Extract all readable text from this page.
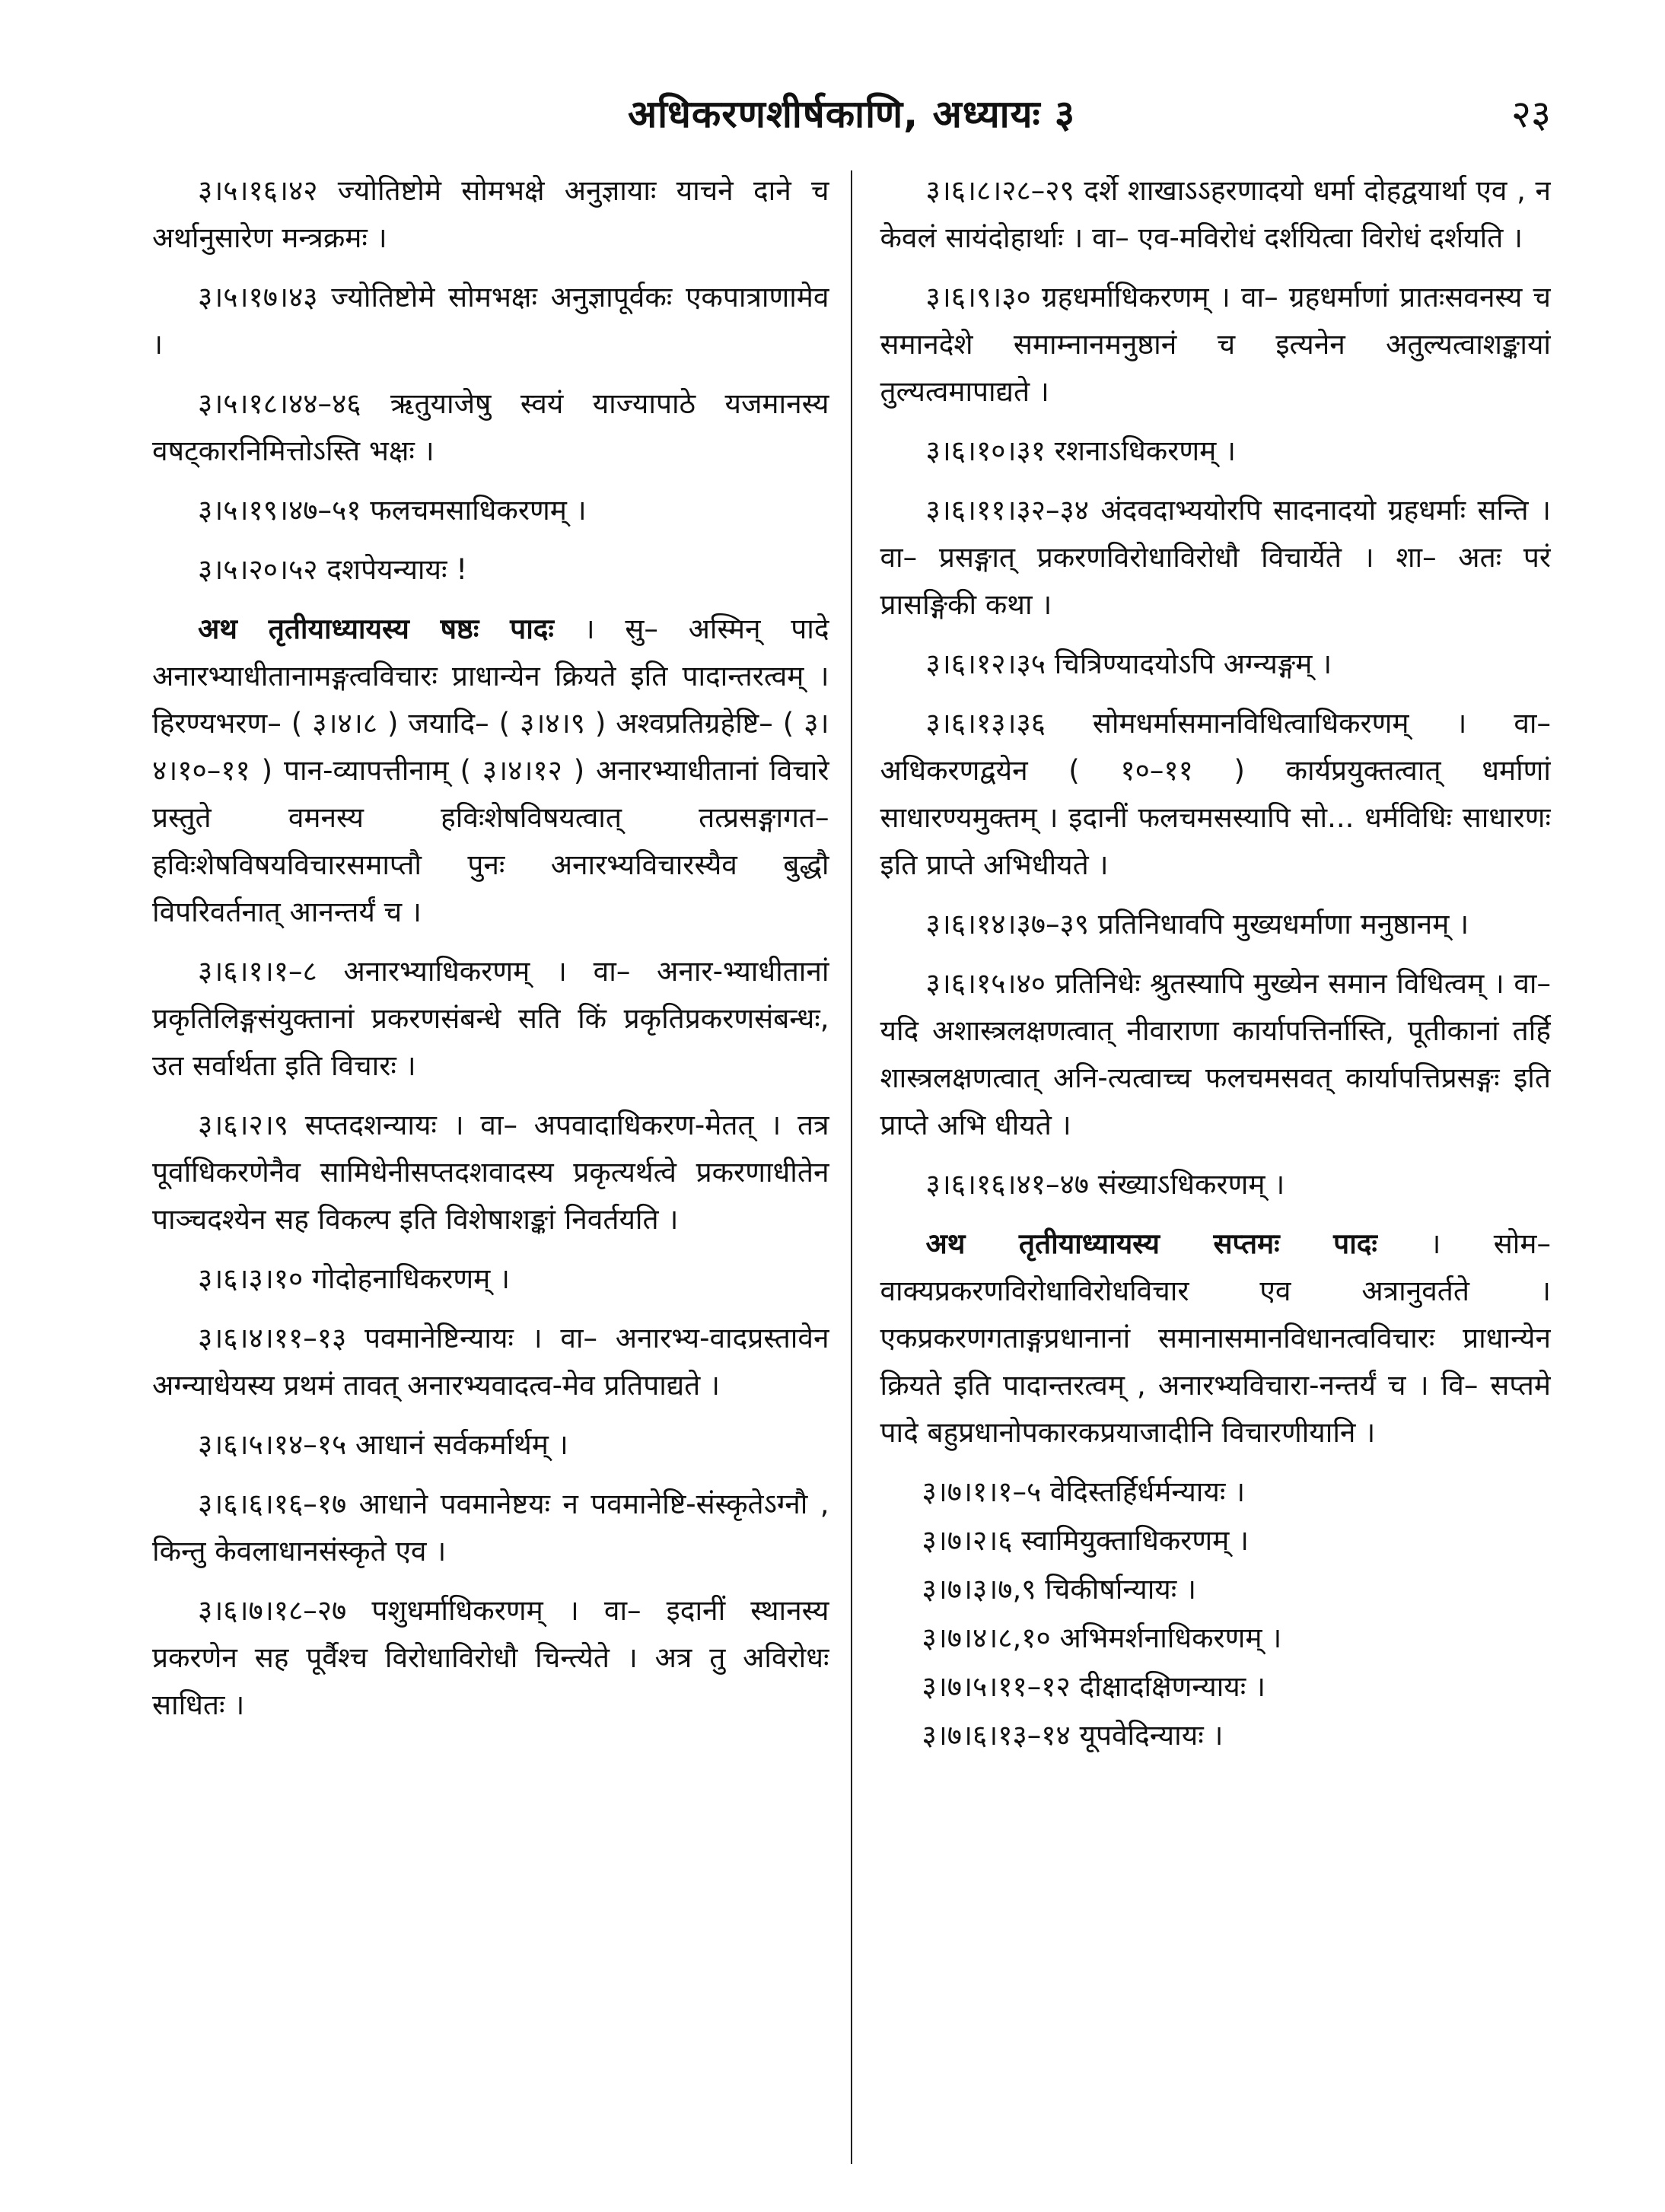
अधिकरणशीर्षकाणि, अध्यायः ३	२३

३।५।१६।४२ ज्योतिष्टोमे सोमभक्षे अनुज्ञायाः याचने दाने च अर्थानुसारेण मन्त्रक्रमः ।

३।५।१७।४३ ज्योतिष्टोमे सोमभक्षः अनुज्ञापूर्वकः एकपात्राणामेव ।

३।५।१८।४४–४६ ऋतुयाजेषु स्वयं याज्यापाठे यजमानस्य वषट्कारनिमित्तोऽस्ति भक्षः ।

३।५।१९।४७–५१ फलचमसाधिकरणम् ।

३।५।२०।५२ दशपेयन्यायः !

अथ तृतीयाध्यायस्य षष्ठः पादः । सु– अस्मिन् पादे अनारभ्याधीतानामङ्गत्वविचारः प्राधान्येन क्रियते इति पादान्तरत्वम् । हिरण्यभरण– ( ३।४।८ ) जयादि– ( ३।४।९ ) अश्वप्रतिग्रहेष्टि– ( ३।४।१०–११ ) पान-व्यापत्तीनाम् ( ३।४।१२ ) अनारभ्याधीतानां विचारे प्रस्तुते वमनस्य हविःशेषविषयत्वात् तत्प्रसङ्गागत–हविःशेषविषयविचारसमाप्तौ पुनः अनारभ्यविचारस्यैव बुद्धौ विपरिवर्तनात् आनन्तर्यं च ।

३।६।१।१–८ अनारभ्याधिकरणम् । वा– अनार-भ्याधीतानां प्रकृतिलिङ्गसंयुक्तानां प्रकरणसंबन्धे सति किं प्रकृतिप्रकरणसंबन्धः, उत सर्वार्थता इति विचारः ।

३।६।२।९ सप्तदशन्यायः । वा– अपवादाधिकरण-मेतत् । तत्र पूर्वाधिकरणेनैव सामिधेनीसप्तदशवादस्य प्रकृत्यर्थत्वे प्रकरणाधीतेन पाञ्चदश्येन सह विकल्प इति विशेषाशङ्कां निवर्तयति ।

३।६।३।१० गोदोहनाधिकरणम् ।

३।६।४।११–१३ पवमानेष्टिन्यायः । वा– अनारभ्य-वादप्रस्तावेन अग्न्याधेयस्य प्रथमं तावत् अनारभ्यवादत्व-मेव प्रतिपाद्यते ।

३।६।५।१४–१५ आधानं सर्वकर्मार्थम् ।

३।६।६।१६–१७ आधाने पवमानेष्टयः न पवमानेष्टि-संस्कृतेऽग्नौ , किन्तु केवलाधानसंस्कृते एव ।

३।६।७।१८–२७ पशुधर्माधिकरणम् । वा– इदानीं स्थानस्य प्रकरणेन सह पूर्वैश्च विरोधाविरोधौ चिन्त्येते । अत्र तु अविरोधः साधितः ।

३।६।८।२८–२९ दर्शे शाखाऽऽहरणादयो धर्मा दोहद्वयार्था एव , न केवलं सायंदोहार्थाः । वा– एव-मविरोधं दर्शयित्वा विरोधं दर्शयति ।

३।६।९।३० ग्रहधर्माधिकरणम् । वा– ग्रहधर्माणां प्रातःसवनस्य च समानदेशे समाम्नानमनुष्ठानं च इत्यनेन अतुल्यत्वाशङ्कायां तुल्यत्वमापाद्यते ।

३।६।१०।३१ रशनाऽधिकरणम् ।

३।६।११।३२–३४ अंदवदाभ्ययोरपि सादनादयो ग्रहधर्माः सन्ति । वा– प्रसङ्गात् प्रकरणविरोधाविरोधौ विचार्येते । शा– अतः परं प्रासङ्गिकी कथा ।

३।६।१२।३५ चित्रिण्यादयोऽपि अग्न्यङ्गम् ।

३।६।१३।३६ सोमधर्मासमानविधित्वाधिकरणम् । वा– अधिकरणद्वयेन ( १०–११ ) कार्यप्रयुक्तत्वात् धर्माणां साधारण्यमुक्तम् । इदानीं फलचमसस्यापि सो... धर्मविधिः साधारणः इति प्राप्ते अभिधीयते ।

३।६।१४।३७–३९ प्रतिनिधावपि मुख्यधर्माणा मनुष्ठानम् ।

३।६।१५।४० प्रतिनिधेः श्रुतस्यापि मुख्येन समान विधित्वम् । वा– यदि अशास्त्रलक्षणत्वात् नीवाराणा कार्यापत्तिर्नास्ति, पूतीकानां तर्हि शास्त्रलक्षणत्वात् अनि-त्यत्वाच्च फलचमसवत् कार्यापत्तिप्रसङ्गः इति प्राप्ते अभि धीयते ।

३।६।१६।४१–४७ संख्याऽधिकरणम् ।

अथ तृतीयाध्यायस्य सप्तमः पादः । सोम–वाक्यप्रकरणविरोधाविरोधविचार एव अत्रानुवर्तते । एकप्रकरणगताङ्गप्रधानानां समानासमानविधानत्वविचारः प्राधान्येन क्रियते इति पादान्तरत्वम् , अनारभ्यविचारा-नन्तर्यं च । वि– सप्तमे पादे बहुप्रधानोपकारकप्रयाजादीनि विचारणीयानि ।

३।७।१।१–५ वेदिस्तर्हिर्धर्मन्यायः ।

३।७।२।६ स्वामियुक्ताधिकरणम् ।

३।७।३।७,९ चिकीर्षान्यायः ।

३।७।४।८,१० अभिमर्शनाधिकरणम् ।

३।७।५।११–१२ दीक्षादक्षिणन्यायः ।

३।७।६।१३–१४ यूपवेदिन्यायः ।
